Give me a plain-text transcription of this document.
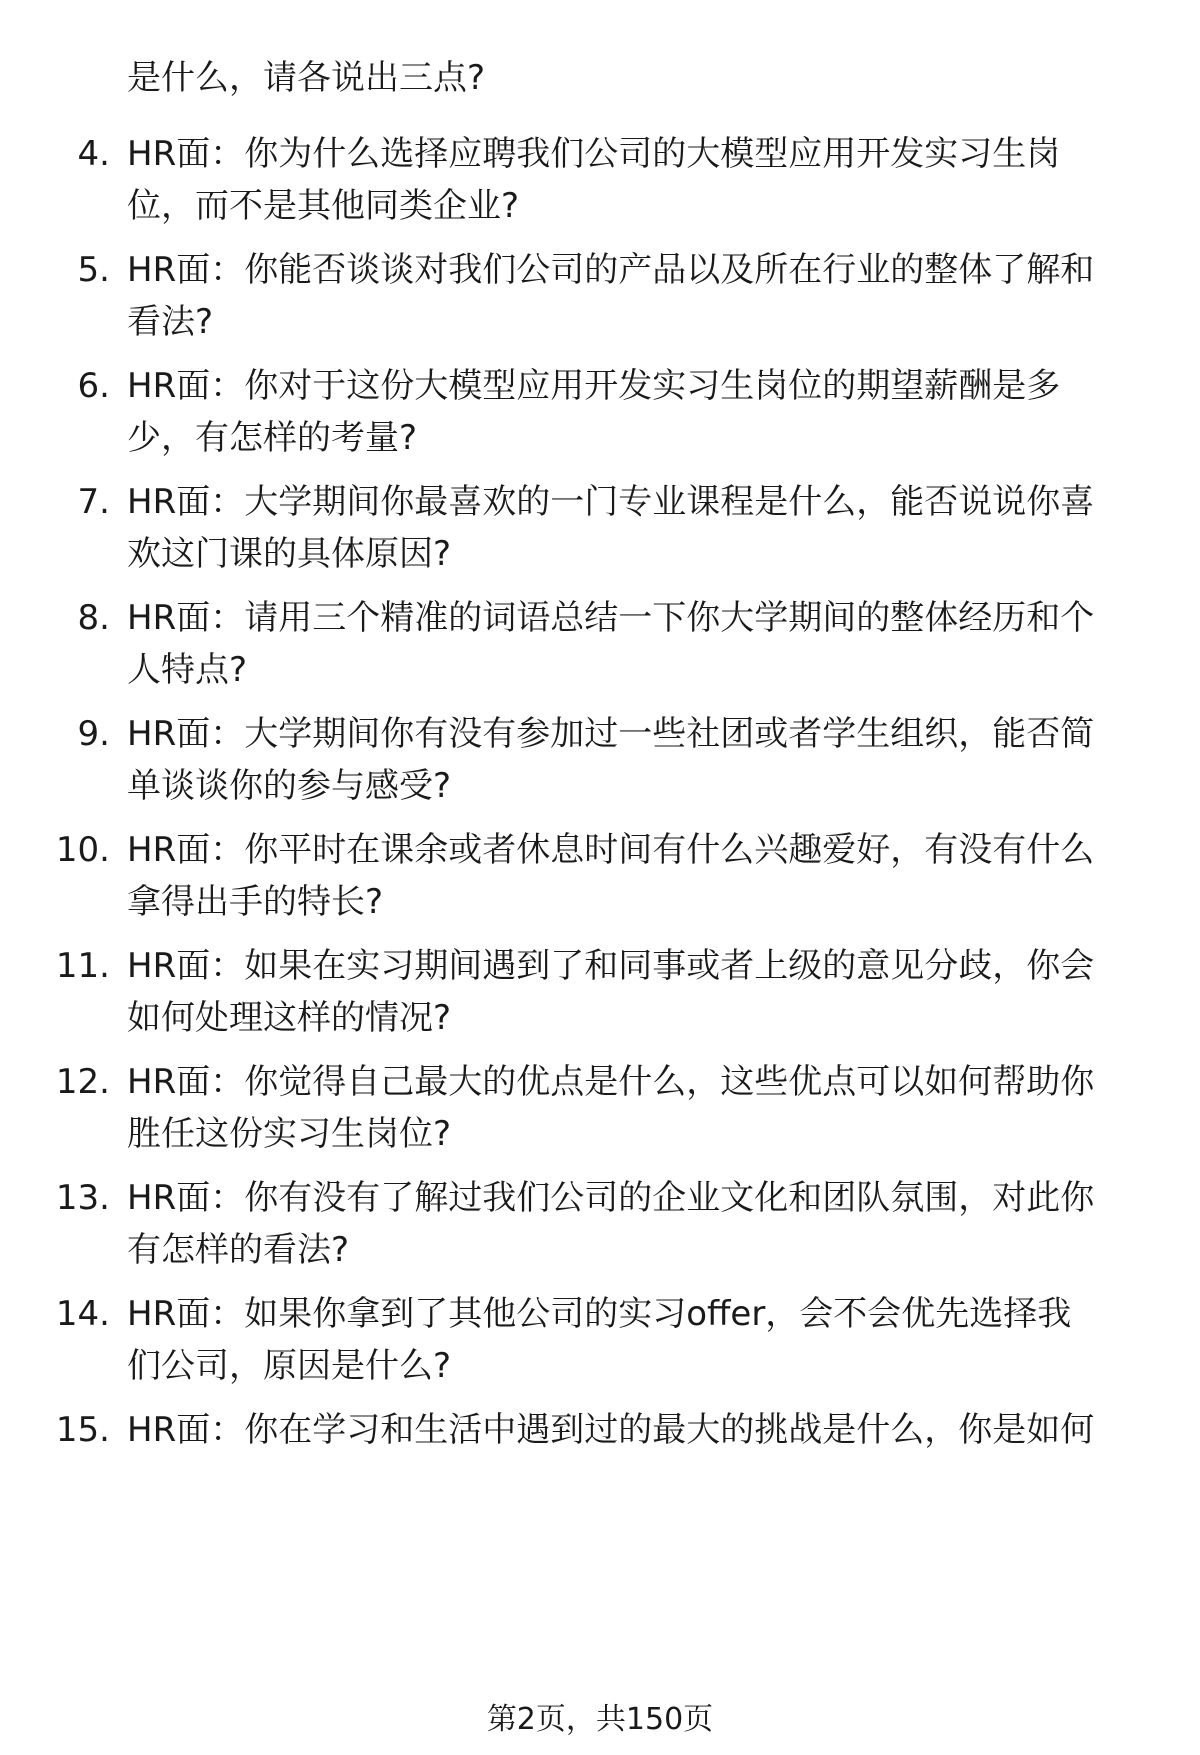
是什么，请各说出三点?
4. HR面：你为什么选择应聘我们公司的大模型应用开发实习生岗
位，而不是其他同类企业?
5. HR面：你能否谈谈对我们公司的产品以及所在行业的整体了解和
看法?
6. HR面：你对于这份大模型应用开发实习生岗位的期望薪酬是多
少，有怎样的考量?
7. HR面：大学期间你最喜欢的一门专业课程是什么，能否说说你喜
欢这门课的具体原因?
8. HR面：请用三个精准的词语总结一下你大学期间的整体经历和个
人特点?
9. HR面：大学期间你有没有参加过一些社团或者学生组织，能否简
单谈谈你的参与感受?
10. HR面：你平时在课余或者休息时间有什么兴趣爱好，有没有什么
拿得出手的特长?
11. HR面：如果在实习期间遇到了和同事或者上级的意见分歧，你会
如何处理这样的情况?
12. HR面：你觉得自己最大的优点是什么，这些优点可以如何帮助你
胜任这份实习生岗位?
13. HR面：你有没有了解过我们公司的企业文化和团队氛围，对此你
有怎样的看法?
14. HR面：如果你拿到了其他公司的实习offer，会不会优先选择我
们公司，原因是什么?
15. HR面：你在学习和生活中遇到过的最大的挑战是什么，你是如何
第2页，共150页
